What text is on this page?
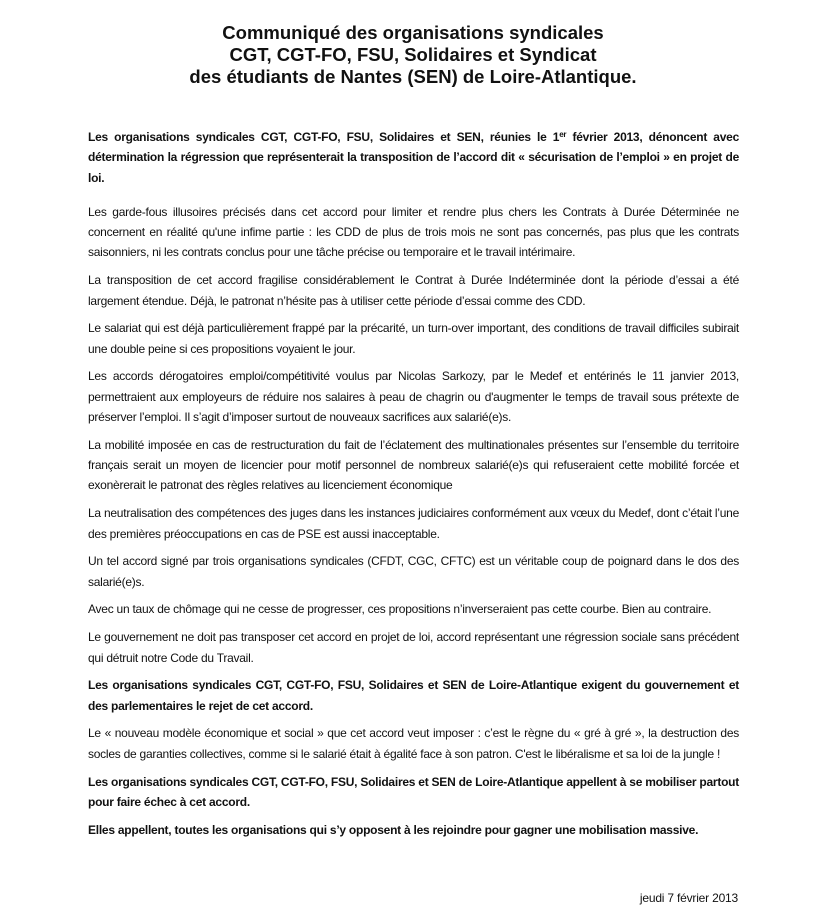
Communiqué des organisations syndicales
CGT, CGT-FO, FSU, Solidaires et Syndicat
des étudiants de Nantes (SEN) de Loire-Atlantique.

Les organisations syndicales CGT, CGT-FO, FSU, Solidaires et SEN, réunies le 1er février 2013, dénoncent avec détermination la régression que représenterait la transposition de l’accord dit « sécurisation de l’emploi » en projet de loi.

Les garde-fous illusoires précisés dans cet accord pour limiter et rendre plus chers les Contrats à Durée Déterminée ne concernent en réalité qu'une infime partie : les CDD de plus de trois mois ne sont pas concernés, pas plus que les contrats saisonniers, ni les contrats conclus pour une tâche précise ou temporaire et le travail intérimaire.

La transposition de cet accord fragilise considérablement le Contrat à Durée Indéterminée dont la période d’essai a été largement étendue. Déjà, le patronat n’hésite pas à utiliser cette période d’essai comme des CDD.

Le salariat qui est déjà particulièrement frappé par la précarité, un turn-over important, des conditions de travail difficiles subirait une double peine si ces propositions voyaient le jour.

Les accords dérogatoires emploi/compétitivité voulus par Nicolas Sarkozy, par le Medef et entérinés le 11 janvier 2013, permettraient aux employeurs de réduire nos salaires à peau de chagrin ou d'augmenter le temps de travail sous prétexte de préserver l’emploi. Il s’agit d’imposer surtout de nouveaux sacrifices aux salarié(e)s.

La mobilité imposée en cas de restructuration du fait de l’éclatement des multinationales présentes sur l’ensemble du territoire français serait un moyen de licencier pour motif personnel de nombreux salarié(e)s qui refuseraient cette mobilité forcée et exonèrerait le patronat des règles relatives au licenciement économique

La neutralisation des compétences des juges dans les instances judiciaires conformément aux vœux du Medef, dont c’était l’une des premières préoccupations en cas de PSE est aussi inacceptable.

Un tel accord signé par trois organisations syndicales (CFDT, CGC, CFTC) est un véritable coup de poignard dans le dos des salarié(e)s.

Avec un taux de chômage qui ne cesse de progresser, ces propositions n’inverseraient pas cette courbe. Bien au contraire.

Le gouvernement ne doit pas transposer cet accord en projet de loi, accord représentant une régression sociale sans précédent qui détruit notre Code du Travail.

Les organisations syndicales CGT, CGT-FO, FSU, Solidaires et SEN de Loire-Atlantique exigent du gouvernement et des parlementaires le rejet de cet accord.

Le « nouveau modèle économique et social » que cet accord veut imposer : c’est le règne du « gré à gré », la destruction des socles de garanties collectives, comme si le salarié était à égalité face à son patron. C'est le libéralisme et sa loi de la jungle !

Les organisations syndicales CGT, CGT-FO, FSU, Solidaires et SEN de Loire-Atlantique appellent à se mobiliser partout pour faire échec à cet accord.

Elles appellent, toutes les organisations qui s’y opposent à les rejoindre pour gagner une mobilisation massive.

jeudi 7 février 2013
